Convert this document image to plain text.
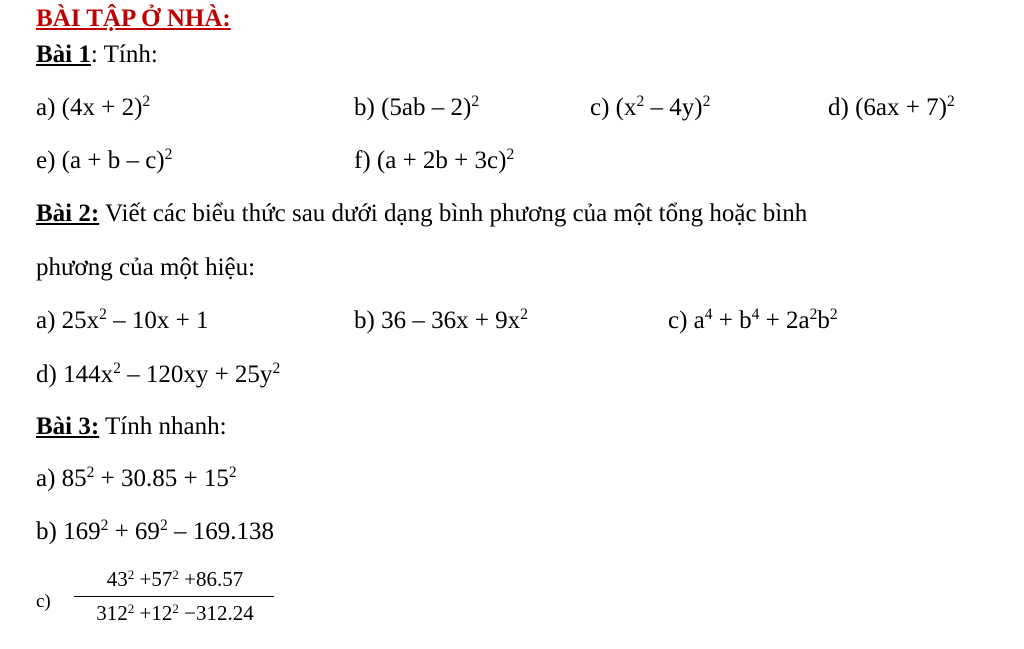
BÀI TẬP Ở NHÀ:
Bài 1: Tính:
a) $(4x + 2)^2$	b) (5ab – 2)$^2$	c) $(x^2 - 4y)^2$	d) $(6ax + 7)^2$
e) $(a + b - c)^2$	f) $(a + 2b + 3c)^2$
Bài 2: Viết các biểu thức sau dưới dạng bình phương của một tổng hoặc bình
phương của một hiệu:
a) $25x^2 - 10x + 1$	b) $36 - 36x + 9x^2$	c) $a^4 + b^4 + 2a^2b^2$
d) $144x^2 - 120xy + 25y^2$
Bài 3: Tính nhanh:
a) $85^2 + 30.85 + 15^2$
b) $169^2 + 69^2 - 169.138$
c)
$43^2 +57^2 +86.57$
$312^2 +12^2 -312.24$
